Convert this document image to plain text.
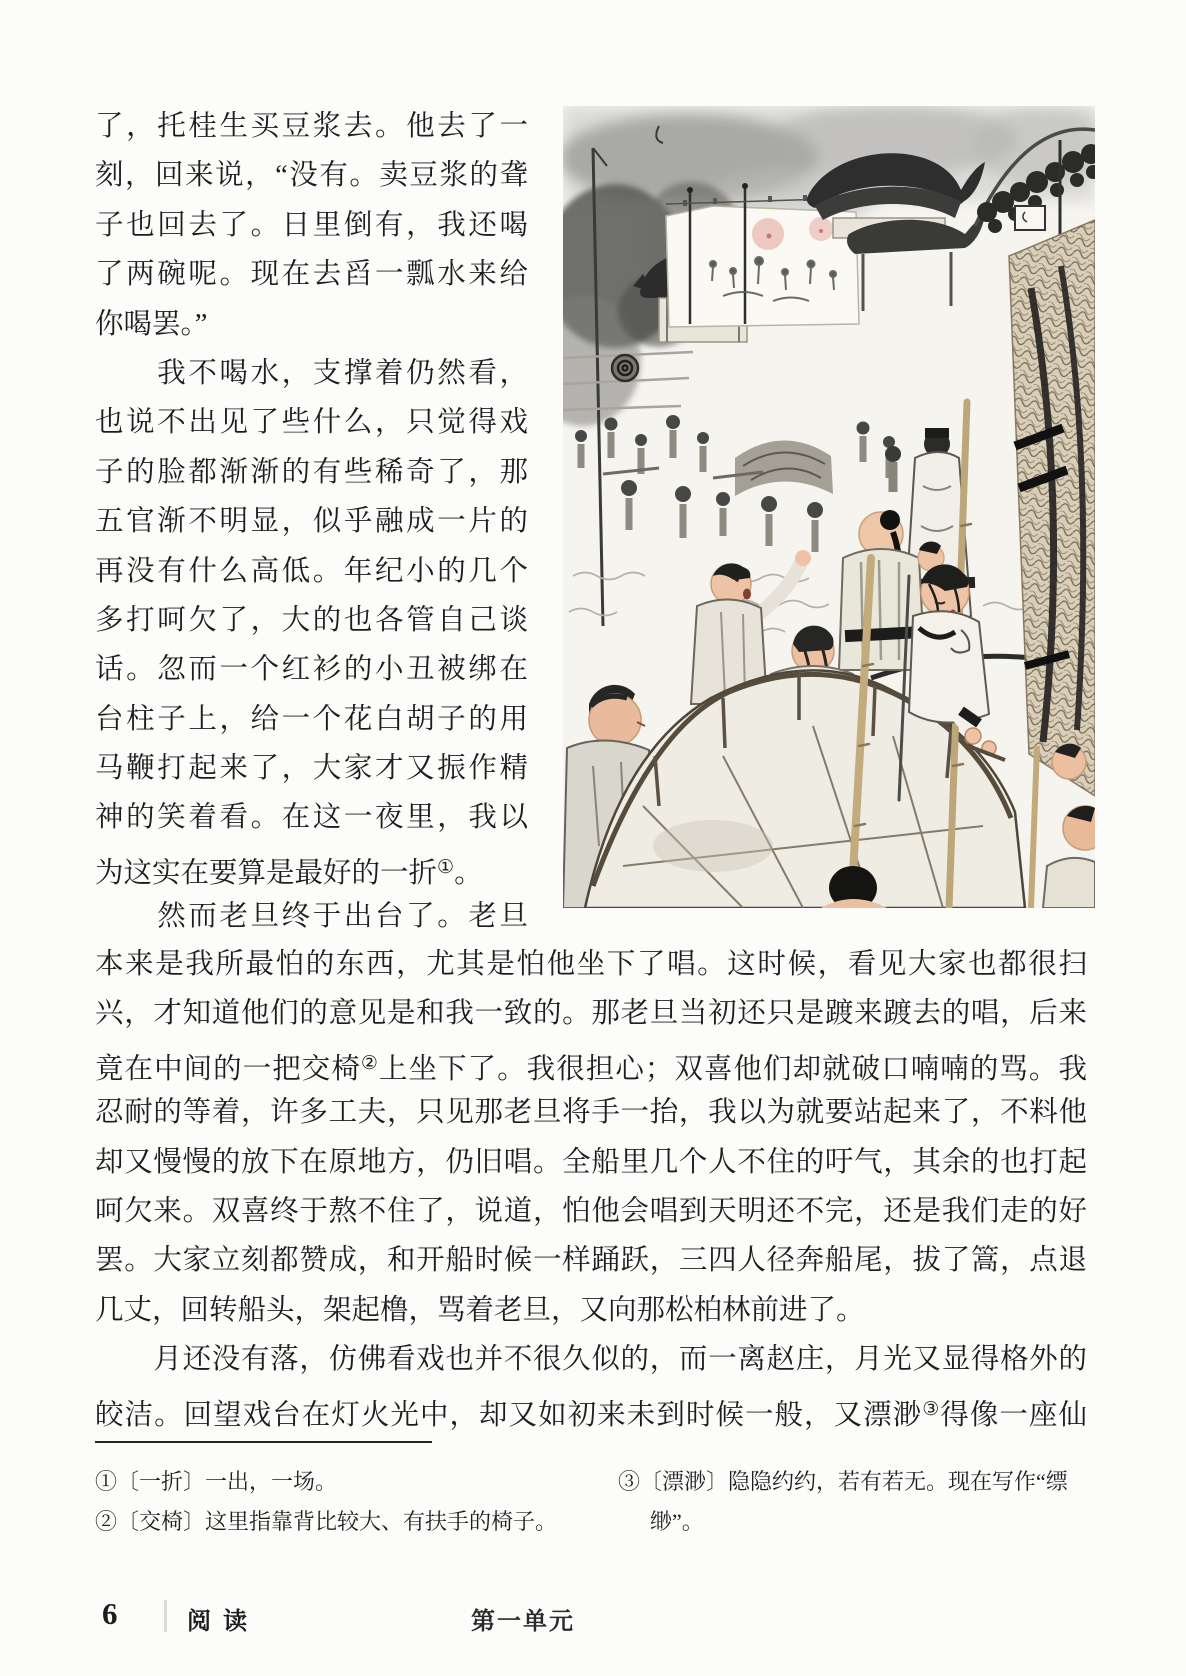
了，托桂生买豆浆去。他去了一
刻，回来说，“没有。卖豆浆的聋
子也回去了。日里倒有，我还喝
了两碗呢。现在去舀一瓢水来给
你喝罢。”
　　我不喝水，支撑着仍然看，
也说不出见了些什么，只觉得戏
子的脸都渐渐的有些稀奇了，那
五官渐不明显，似乎融成一片的
再没有什么高低。年纪小的几个
多打呵欠了，大的也各管自己谈
话。忽而一个红衫的小丑被绑在
台柱子上，给一个花白胡子的用
马鞭打起来了，大家才又振作精
神的笑着看。在这一夜里，我以
为这实在要算是最好的一折①。
　　然而老旦终于出台了。老旦
本来是我所最怕的东西，尤其是怕他坐下了唱。这时候，看见大家也都很扫
兴，才知道他们的意见是和我一致的。那老旦当初还只是踱来踱去的唱，后来
竟在中间的一把交椅②上坐下了。我很担心；双喜他们却就破口喃喃的骂。我
忍耐的等着，许多工夫，只见那老旦将手一抬，我以为就要站起来了，不料他
却又慢慢的放下在原地方，仍旧唱。全船里几个人不住的吁气，其余的也打起
呵欠来。双喜终于熬不住了，说道，怕他会唱到天明还不完，还是我们走的好
罢。大家立刻都赞成，和开船时候一样踊跃，三四人径奔船尾，拔了篙，点退
几丈，回转船头，架起橹，骂着老旦，又向那松柏林前进了。
　　月还没有落，仿佛看戏也并不很久似的，而一离赵庄，月光又显得格外的
皎洁。回望戏台在灯火光中，却又如初来未到时候一般，又漂渺③得像一座仙
①〔一折〕一出，一场。
②〔交椅〕这里指靠背比较大、有扶手的椅子。
③〔漂渺〕隐隐约约，若有若无。现在写作“缥
缈”。
6	阅读	第一单元
